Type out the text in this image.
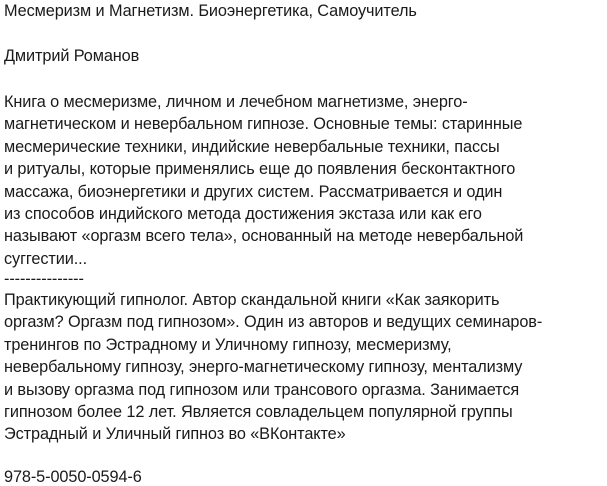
Месмеризм и Магнетизм. Биоэнергетика, Самоучитель
Дмитрий Романов
Книга о месмеризме, личном и лечебном магнетизме, энерго-
магнетическом и невербальном гипнозе. Основные темы: старинные
месмерические техники, индийские невербальные техники, пассы
и ритуалы, которые применялись еще до появления бесконтактного
массажа, биоэнергетики и других систем. Рассматривается и один
из способов индийского метода достижения экстаза или как его
называют «оргазм всего тела», основанный на методе невербальной
суггестии...
---------------
Практикующий гипнолог. Автор скандальной книги «Как заякорить
оргазм? Оргазм под гипнозом». Один из авторов и ведущих семинаров-
тренингов по Эстрадному и Уличному гипнозу, месмеризму,
невербальному гипнозу, энерго-магнетическому гипнозу, ментализму
и вызову оргазма под гипнозом или трансового оргазма. Занимается
гипнозом более 12 лет. Является совладельцем популярной группы
Эстрадный и Уличный гипноз во «ВКонтакте»
978-5-0050-0594-6
